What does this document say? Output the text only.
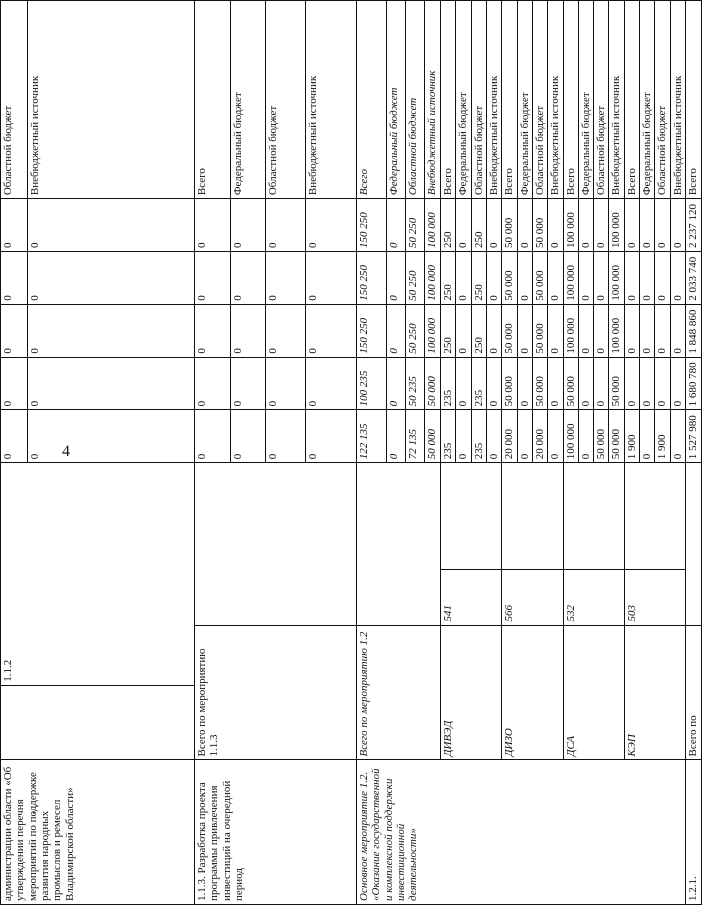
4
администрации области «Об утверждении перечня мероприятий по поддержке развития народных промыслов и ремесел Владимирской области»		1.1.2			0	0	0	0	0	Областной бюджет
					0	0	0	0	0	Внебюджетный источник
1.1.3. Разработка проекта программы привлечения инвестиций на очередной период	Всего по мероприятию 1.1.3				0	0	0	0	0	Всего
					0	0	0	0	0	Федеральный бюджет
					0	0	0	0	0	Областной бюджет
					0	0	0	0	0	Внебюджетный источник
Основное мероприятие 1.2. «Оказание государственной и комплексной поддержки инвестиционной деятельности»	Всего по мероприятию 1.2				122 135	100 235	150 250	150 250	150 250	Всего
					0	0	0	0	0	Федеральный бюджет
					72 135	50 235	50 250	50 250	50 250	Областной бюджет
					50 000	50 000	100 000	100 000	100 000	Внебюджетный источник
	ДИВЭД		541		235	235	250	250	250	Всего
					0	0	0	0	0	Федеральный бюджет
					235	235	250	250	250	Областной бюджет
					0	0	0	0	0	Внебюджетный источник
	ДИЗО		566		20 000	50 000	50 000	50 000	50 000	Всего
					0	0	0	0	0	Федеральный бюджет
					20 000	50 000	50 000	50 000	50 000	Областной бюджет
					0	0	0	0	0	Внебюджетный источник
	ДСА		532		100 000	50 000	100 000	100 000	100 000	Всего
					0	0	0	0	0	Федеральный бюджет
					50 000	0	0	0	0	Областной бюджет
					50 000	50 000	100 000	100 000	100 000	Внебюджетный источник
	КЭП		503		1 900	0	0	0	0	Всего
					0	0	0	0	0	Федеральный бюджет
					1 900	0	0	0	0	Областной бюджет
					0	0	0	0	0	Внебюджетный источник
1.2.1.	Всего по				1 527 980	1 680 780	1 848 860	2 033 740	2 237 120	Всего
